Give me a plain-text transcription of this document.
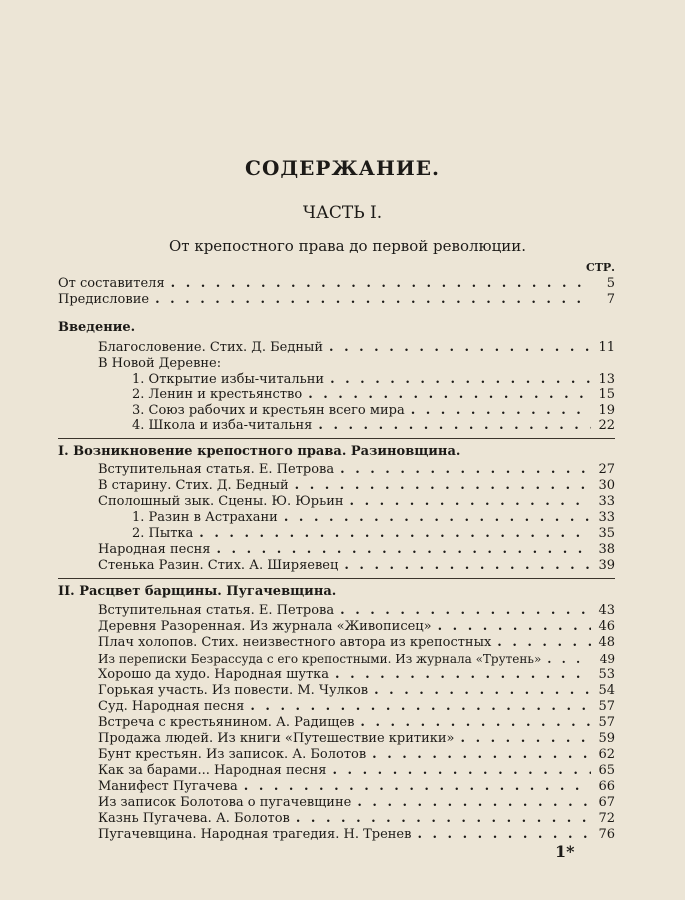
СОДЕРЖАНИЕ.
ЧАСТЬ I.
От крепостного права до первой революции.
СТР.
От составителя . . .	5
Предисловие . . .	7
Введение.
Благословение. Стих. Д. Бедный . . .	11
В Новой Деревне:
1. Открытие избы-читальни . . .	13
2. Ленин и крестьянство . . .	15
3. Союз рабочих и крестьян всего мира . . .	19
4. Школа и изба-читальня . . .	22
I. Возникновение крепостного права. Разиновщина.
Вступительная статья. Е. Петрова . . .	27
В старину. Стих. Д. Бедный . . .	30
Сполошный зык. Сцены. Ю. Юрьин . . .	33
1. Разин в Астрахани . . .	33
2. Пытка . . .	35
Народная песня . . .	38
Стенька Разин. Стих. А. Ширяевец . . .	39
II. Расцвет барщины. Пугачевщина.
Вступительная статья. Е. Петрова . . .	43
Деревня Разоренная. Из журнала «Живописец» . . .	46
Плач холопов. Стих. неизвестного автора из крепостных . . .	48
Из переписки Безрассуда с его крепостными. Из журнала «Трутень» . . .	49
Хорошо да худо. Народная шутка . . .	53
Горькая участь. Из повести. М. Чулков . . .	54
Суд. Народная песня . . .	57
Встреча с крестьянином. А. Радищев . . .	57
Продажа людей. Из книги «Путешествие критики» . . .	59
Бунт крестьян. Из записок. А. Болотов . . .	62
Как за барами... Народная песня . . .	65
Манифест Пугачева . . .	66
Из записок Болотова о пугачевщине . . .	67
Казнь Пугачева. А. Болотов . . .	72
Пугачевщина. Народная трагедия. Н. Тренев . . .	76
1*
